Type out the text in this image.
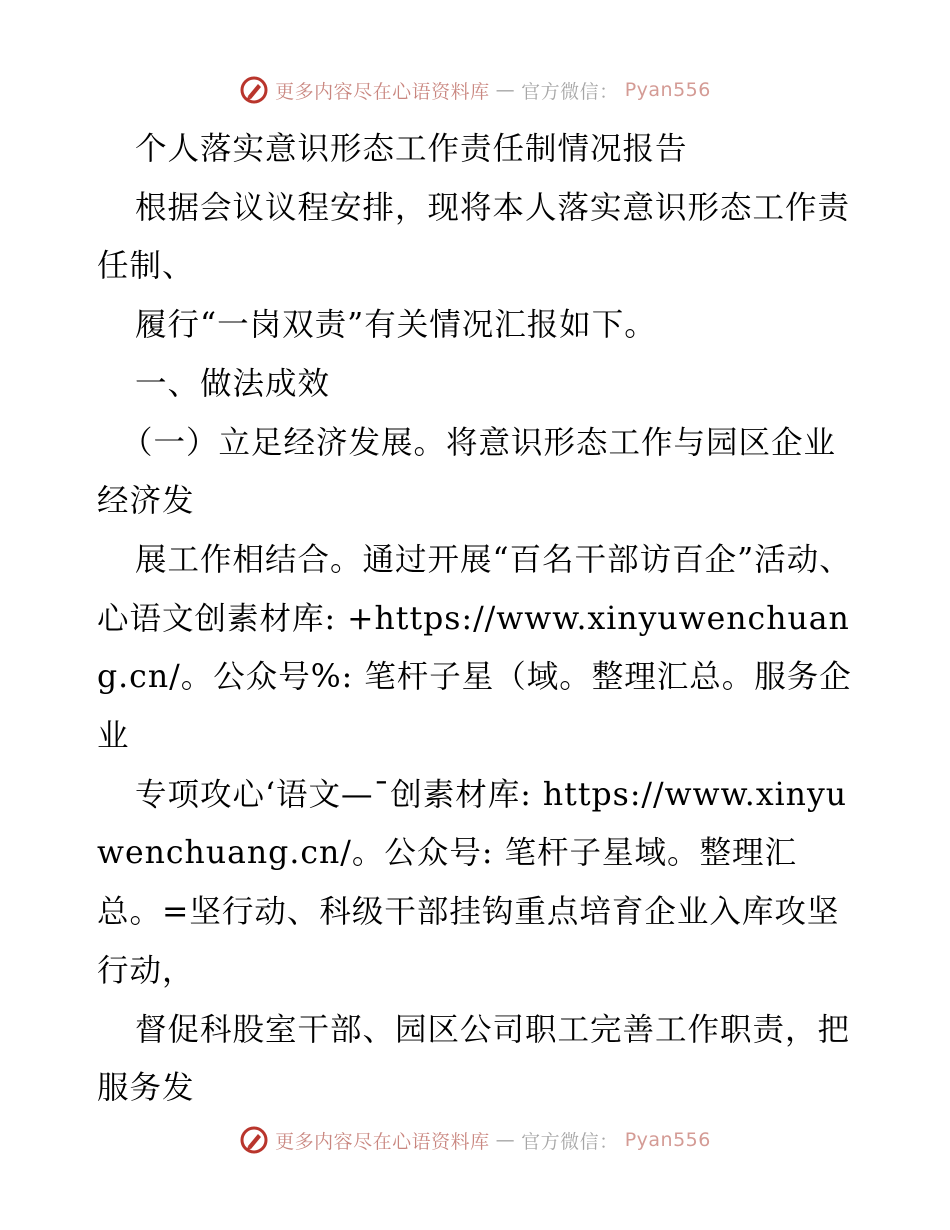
更多内容尽在心语资料库 — 官方微信： Pyan556

个人落实意识形态工作责任制情况报告

根据会议议程安排，现将本人落实意识形态工作责任制、

履行“一岗双责”有关情况汇报如下。

一、做法成效

（一）立足经济发展。将意识形态工作与园区企业经济发

展工作相结合。通过开展“百名干部访百企”活动、心语文创素材库: +https://www.xinyuwenchuang.cn/。公众号%: 笔杆子星（域。整理汇总。服务企业

专项攻心‘语文—¯创素材库: https://www.xinyuwenchuang.cn/。公众号: 笔杆子星域。整理汇总。=坚行动、科级干部挂钩重点培育企业入库攻坚行动，

督促科股室干部、园区公司职工完善工作职责，把服务发

更多内容尽在心语资料库 — 官方微信： Pyan556
